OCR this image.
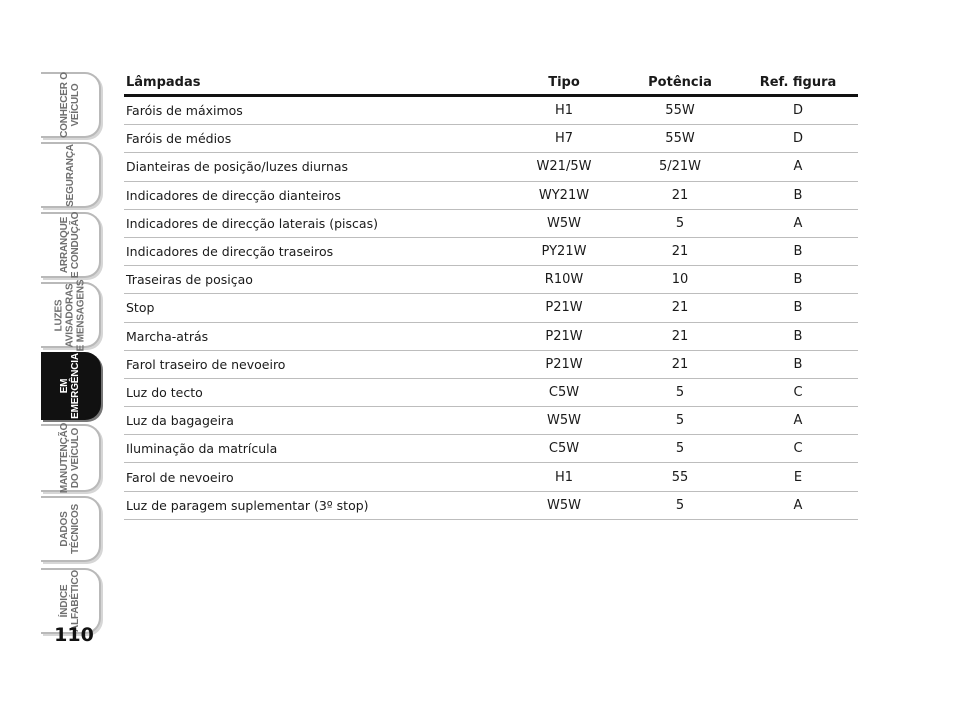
CONHECER O
VEÍCULO
SEGURANÇA
ARRANQUE
E CONDUÇÃO
LUZES
AVISADORAS
E MENSAGENS
EM
EMERGÊNCIA
MANUTENÇÃO
DO VEÍCULO
DADOS
TÉCNICOS
ÍNDICE
ALFABÉTICO
110
Lâmpadas	Tipo	Potência	Ref. figura
Faróis de máximos	H1	55W	D
Faróis de médios	H7	55W	D
Dianteiras de posição/luzes diurnas	W21/5W	5/21W	A
Indicadores de direcção dianteiros	WY21W	21	B
Indicadores de direcção laterais (piscas)	W5W	5	A
Indicadores de direcção traseiros	PY21W	21	B
Traseiras de posiçao	R10W	10	B
Stop	P21W	21	B
Marcha-atrás	P21W	21	B
Farol traseiro de nevoeiro	P21W	21	B
Luz do tecto	C5W	5	C
Luz da bagageira	W5W	5	A
Iluminação da matrícula	C5W	5	C
Farol de nevoeiro	H1	55	E
Luz de paragem suplementar (3º stop)	W5W	5	A
